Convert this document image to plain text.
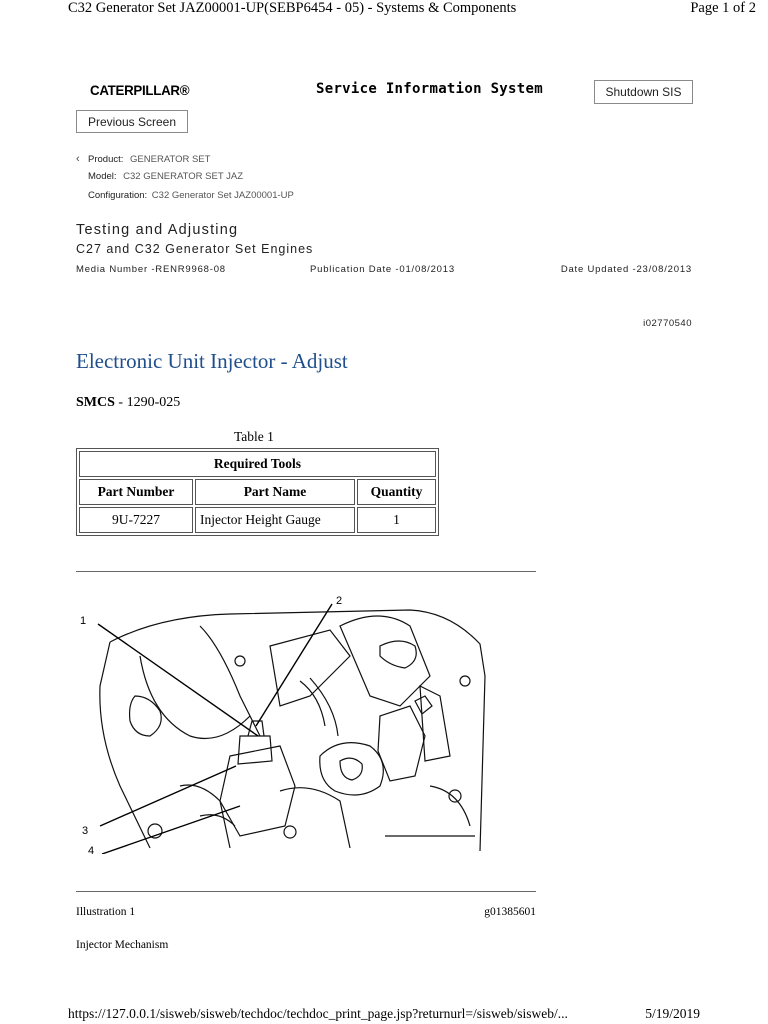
C32 Generator Set JAZ00001-UP(SEBP6454 - 05) - Systems & Components	Page 1 of 2
CATERPILLAR®	Service Information System	Shutdown SIS
Previous Screen
‹ Product: GENERATOR SET
Model: C32 GENERATOR SET JAZ
Configuration: C32 Generator Set JAZ00001-UP
Testing and Adjusting
C27 and C32 Generator Set Engines
Media Number -RENR9968-08	Publication Date -01/08/2013	Date Updated -23/08/2013
i02770540
Electronic Unit Injector - Adjust
SMCS - 1290-025
Table 1
Required Tools		
Part Number	Part Name	Quantity
9U-7227	Injector Height Gauge	1
1
2
3
4
Illustration 1	g01385601
Injector Mechanism
https://127.0.0.1/sisweb/sisweb/techdoc/techdoc_print_page.jsp?returnurl=/sisweb/sisweb/...	5/19/2019
